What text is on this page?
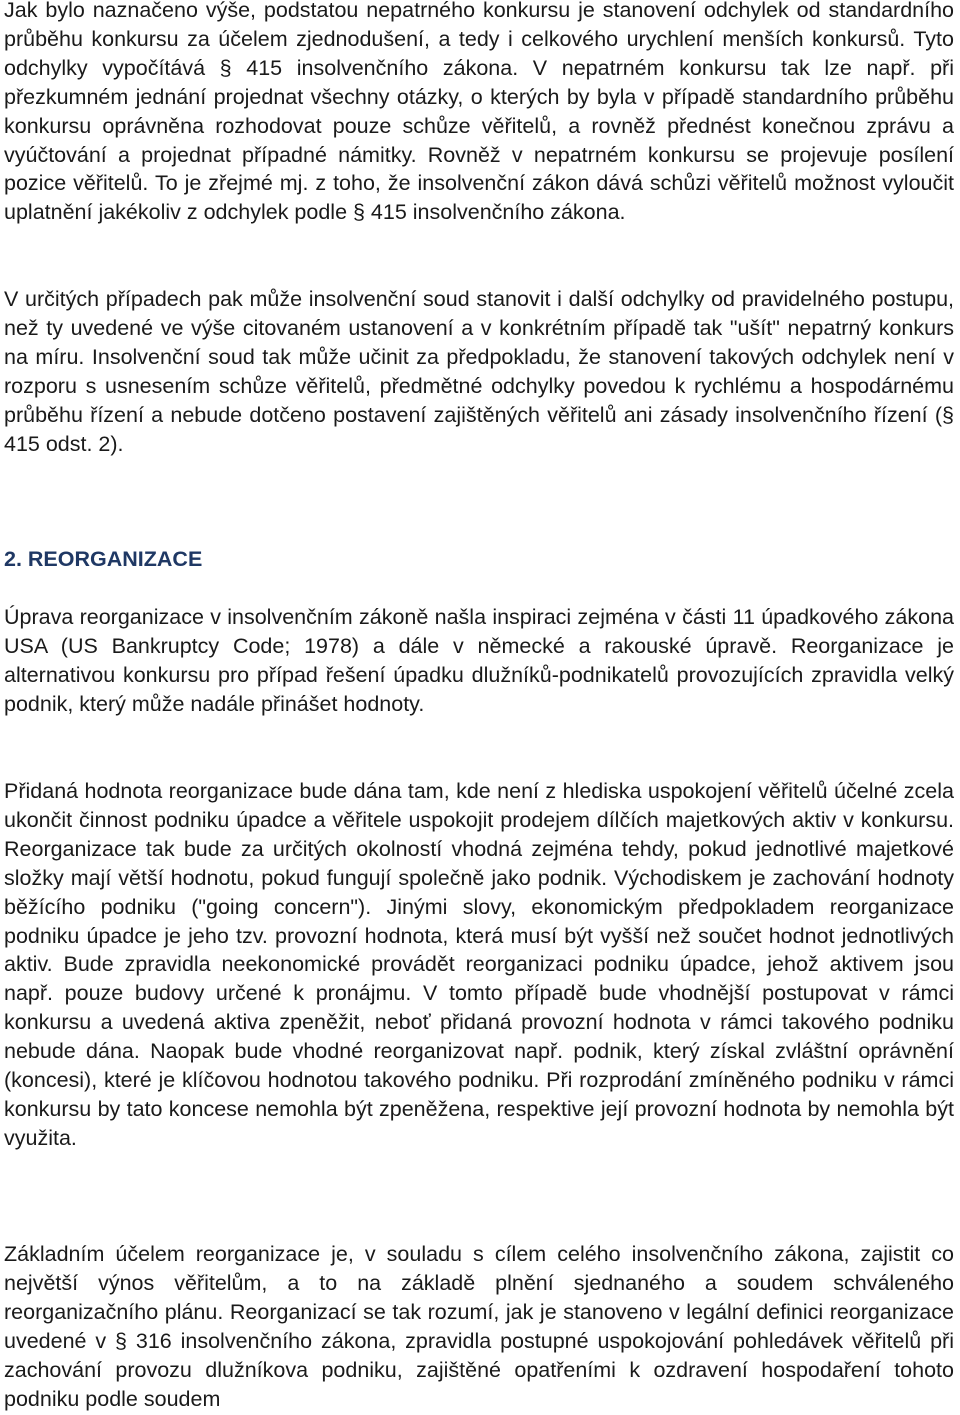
Jak bylo naznačeno výše, podstatou nepatrného konkursu je stanovení odchylek od standardního průběhu konkursu za účelem zjednodušení, a tedy i celkového urychlení menších konkursů. Tyto odchylky vypočítává § 415 insolvenčního zákona. V nepatrném konkursu tak lze např. při přezkumném jednání projednat všechny otázky, o kterých by byla v případě standardního průběhu konkursu oprávněna rozhodovat pouze schůze věřitelů, a rovněž přednést konečnou zprávu a vyúčtování a projednat případné námitky. Rovněž v nepatrném konkursu se projevuje posílení pozice věřitelů. To je zřejmé mj. z toho, že insolvenční zákon dává schůzi věřitelů možnost vyloučit uplatnění jakékoliv z odchylek podle § 415 insolvenčního zákona.

V určitých případech pak může insolvenční soud stanovit i další odchylky od pravidelného postupu, než ty uvedené ve výše citovaném ustanovení a v konkrétním případě tak "ušít" nepatrný konkurs na míru. Insolvenční soud tak může učinit za předpokladu, že stanovení takových odchylek není v rozporu s usnesením schůze věřitelů, předmětné odchylky povedou k rychlému a hospodárnému průběhu řízení a nebude dotčeno postavení zajištěných věřitelů ani zásady insolvenčního řízení (§ 415 odst. 2).

2. REORGANIZACE

Úprava reorganizace v insolvenčním zákoně našla inspiraci zejména v části 11 úpadkového zákona USA (US Bankruptcy Code; 1978) a dále v německé a rakouské úpravě. Reorganizace je alternativou konkursu pro případ řešení úpadku dlužníků-podnikatelů provozujících zpravidla velký podnik, který může nadále přinášet hodnoty.

Přidaná hodnota reorganizace bude dána tam, kde není z hlediska uspokojení věřitelů účelné zcela ukončit činnost podniku úpadce a věřitele uspokojit prodejem dílčích majetkových aktiv v konkursu. Reorganizace tak bude za určitých okolností vhodná zejména tehdy, pokud jednotlivé majetkové složky mají větší hodnotu, pokud fungují společně jako podnik. Východiskem je zachování hodnoty běžícího podniku ("going concern"). Jinými slovy, ekonomickým předpokladem reorganizace podniku úpadce je jeho tzv. provozní hodnota, která musí být vyšší než součet hodnot jednotlivých aktiv. Bude zpravidla neekonomické provádět reorganizaci podniku úpadce, jehož aktivem jsou např. pouze budovy určené k pronájmu. V tomto případě bude vhodnější postupovat v rámci konkursu a uvedená aktiva zpeněžit, neboť přidaná provozní hodnota v rámci takového podniku nebude dána. Naopak bude vhodné reorganizovat např. podnik, který získal zvláštní oprávnění (koncesi), které je klíčovou hodnotou takového podniku. Při rozprodání zmíněného podniku v rámci konkursu by tato koncese nemohla být zpeněžena, respektive její provozní hodnota by nemohla být využita.

Základním účelem reorganizace je, v souladu s cílem celého insolvenčního zákona, zajistit co největší výnos věřitelům, a to na základě plnění sjednaného a soudem schváleného reorganizačního plánu. Reorganizací se tak rozumí, jak je stanoveno v legální definici reorganizace uvedené v § 316 insolvenčního zákona, zpravidla postupné uspokojování pohledávek věřitelů při zachování provozu dlužníkova podniku, zajištěné opatřeními k ozdravení hospodaření tohoto podniku podle soudem
